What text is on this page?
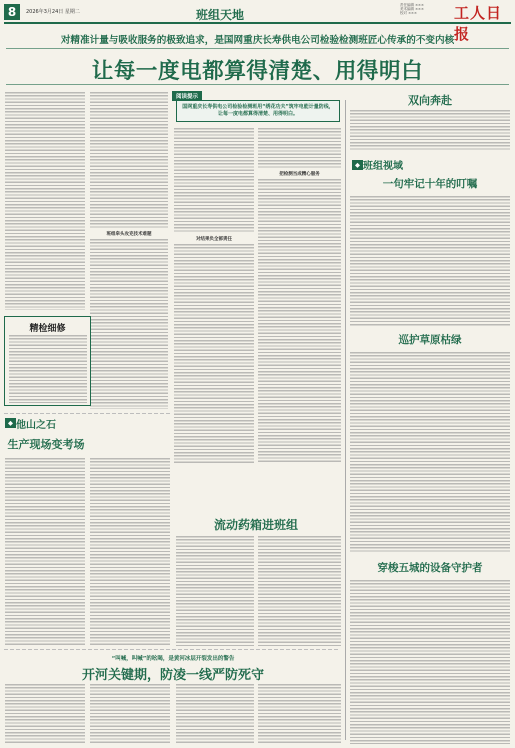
8	2026年3月24日 星期二	班组天地
责任编辑 ×××
美术编辑 ×××
校对 ×××	工人日报
对精准计量与吸收服务的极致追求，是国网重庆长寿供电公司检验检测班匠心传承的不变内核
让每一度电都算得清楚、用得明白
班组牵头攻克技术难题
精检细修
阅读提示
国网重庆长寿供电公司检验检测班用“绣花功夫”筑牢电能计量防线，让每一度电都算得清楚、用得明白。
对结果负全部责任
把检测当成精心服务
◆ 他山之石
生产现场变考场
流动药箱进班组
“叫喊，叫喊”的吆喝，是黄河冰层开裂发出的警告
开河关键期，防凌一线严防死守
双向奔赴
◆ 班组视域
一句牢记十年的叮嘱
巡护草原枯绿
穿梭五城的设备守护者
